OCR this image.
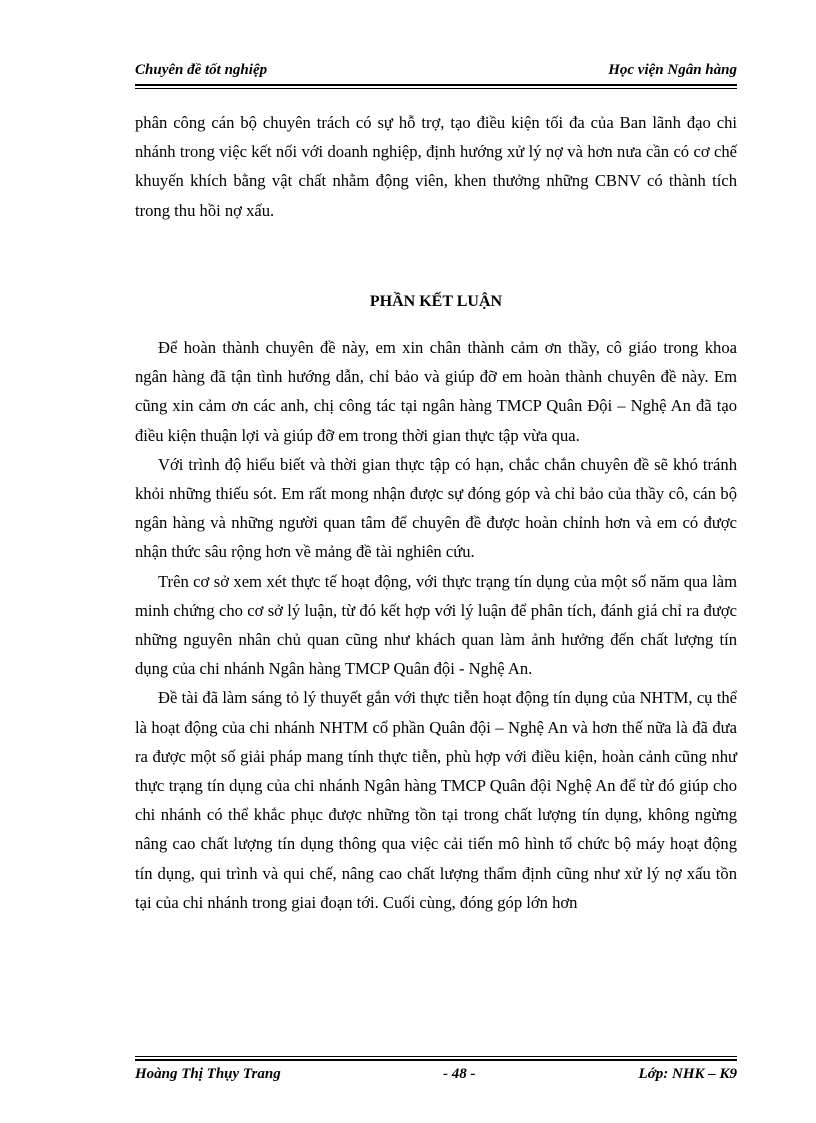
Chuyên đề tốt nghiệp	Học viện Ngân hàng

phân công cán bộ chuyên trách có sự hỗ trợ, tạo điều kiện tối đa của Ban lãnh đạo chi nhánh trong việc kết nối với doanh nghiệp, định hướng xử lý nợ và hơn nưa cần có cơ chế khuyến khích bằng vật chất nhằm động viên, khen thưởng những CBNV có thành tích trong thu hồi nợ xấu.

PHẦN KẾT LUẬN

Để hoàn thành chuyên đề này, em xin chân thành cảm ơn thầy, cô giáo trong khoa ngân hàng đã tận tình hướng dẫn, chỉ bảo và giúp đỡ em hoàn thành chuyên đề này. Em cũng xin cảm ơn các anh, chị công tác tại ngân hàng TMCP Quân Đội – Nghệ An đã tạo điều kiện thuận lợi và giúp đỡ em trong thời gian thực tập vừa qua.

Với trình độ hiểu biết và thời gian thực tập có hạn, chắc chắn chuyên đề sẽ khó tránh khỏi những thiếu sót. Em rất mong nhận được sự đóng góp và chỉ bảo của thầy cô, cán bộ ngân hàng và những người quan tâm để chuyên đề được hoàn chỉnh hơn và em có được nhận thức sâu rộng hơn về mảng đề tài nghiên cứu.

Trên cơ sở xem xét thực tế hoạt động, với thực trạng tín dụng của một số năm qua làm minh chứng cho cơ sở lý luận, từ đó kết hợp với lý luận để phân tích, đánh giá chỉ ra được những nguyên nhân chủ quan cũng như khách quan làm ảnh hưởng đến chất lượng tín dụng của chi nhánh Ngân hàng TMCP Quân đội - Nghệ An.

Đề tài đã làm sáng tỏ lý thuyết gắn với thực tiễn hoạt động tín dụng của NHTM, cụ thể là hoạt động của chi nhánh NHTM cổ phần Quân đội – Nghệ An và hơn thế nữa là đã đưa ra được một số giải pháp mang tính thực tiễn, phù hợp với điều kiện, hoàn cảnh cũng như thực trạng tín dụng của chi nhánh Ngân hàng TMCP Quân đội Nghệ An để từ đó giúp cho chi nhánh có thể khắc phục được những tồn tại trong chất lượng tín dụng, không ngừng nâng cao chất lượng tín dụng thông qua việc cải tiến mô hình tổ chức bộ máy hoạt động tín dụng, qui trình và qui chế, nâng cao chất lượng thẩm định cũng như xử lý nợ xấu tồn tại của chi nhánh trong giai đoạn tới. Cuối cùng, đóng góp lớn hơn

Hoàng Thị Thụy Trang	- 48 -	Lớp: NHK – K9
